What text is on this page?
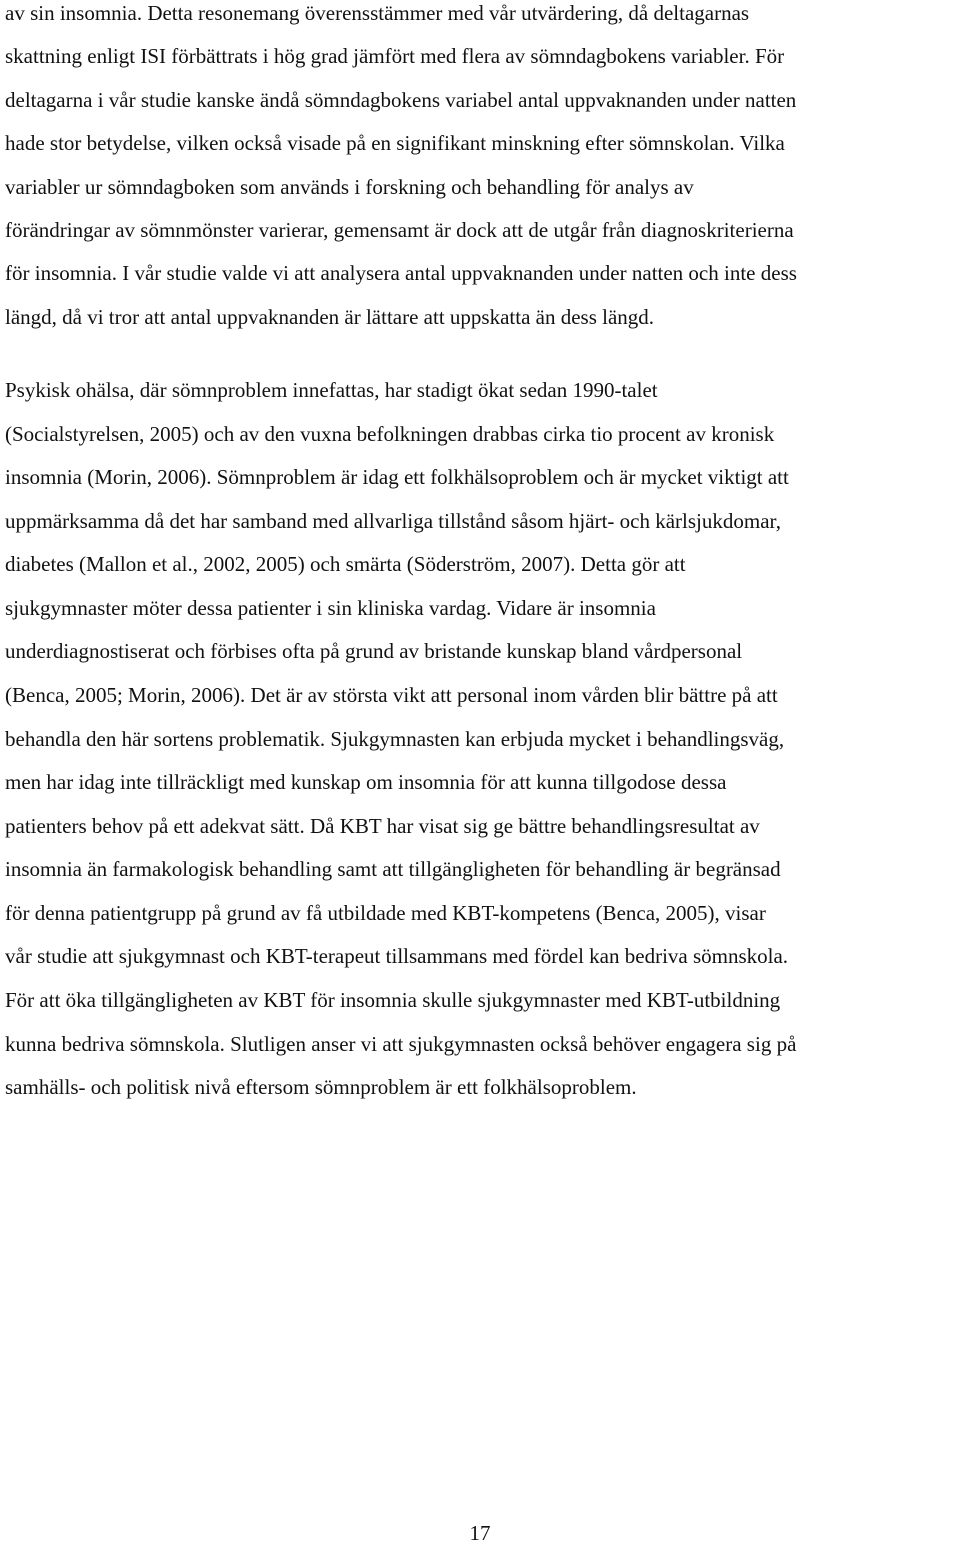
av sin insomnia. Detta resonemang överensstämmer med vår utvärdering, då deltagarnas

skattning enligt ISI förbättrats i hög grad jämfört med flera av sömndagbokens variabler. För

deltagarna i vår studie kanske ändå sömndagbokens variabel antal uppvaknanden under natten

hade stor betydelse, vilken också visade på en signifikant minskning efter sömnskolan. Vilka

variabler ur sömndagboken som används i forskning och behandling för analys av

förändringar av sömnmönster varierar, gemensamt är dock att de utgår från diagnoskriterierna

för insomnia. I vår studie valde vi att analysera antal uppvaknanden under natten och inte dess

längd, då vi tror att antal uppvaknanden är lättare att uppskatta än dess längd.

Psykisk ohälsa, där sömnproblem innefattas, har stadigt ökat sedan 1990-talet

(Socialstyrelsen, 2005) och av den vuxna befolkningen drabbas cirka tio procent av kronisk

insomnia (Morin, 2006). Sömnproblem är idag ett folkhälsoproblem och är mycket viktigt att

uppmärksamma då det har samband med allvarliga tillstånd såsom hjärt- och kärlsjukdomar,

diabetes (Mallon et al., 2002, 2005) och smärta (Söderström, 2007). Detta gör att

sjukgymnaster möter dessa patienter i sin kliniska vardag. Vidare är insomnia

underdiagnostiserat och förbises ofta på grund av bristande kunskap bland vårdpersonal

(Benca, 2005; Morin, 2006). Det är av största vikt att personal inom vården blir bättre på att

behandla den här sortens problematik. Sjukgymnasten kan erbjuda mycket i behandlingsväg,

men har idag inte tillräckligt med kunskap om insomnia för att kunna tillgodose dessa

patienters behov på ett adekvat sätt. Då KBT har visat sig ge bättre behandlingsresultat av

insomnia än farmakologisk behandling samt att tillgängligheten för behandling är begränsad

för denna patientgrupp på grund av få utbildade med KBT-kompetens (Benca, 2005), visar

vår studie att sjukgymnast och KBT-terapeut tillsammans med fördel kan bedriva sömnskola.

För att öka tillgängligheten av KBT för insomnia skulle sjukgymnaster med KBT-utbildning

kunna bedriva sömnskola. Slutligen anser vi att sjukgymnasten också behöver engagera sig på

samhälls- och politisk nivå eftersom sömnproblem är ett folkhälsoproblem.

17
